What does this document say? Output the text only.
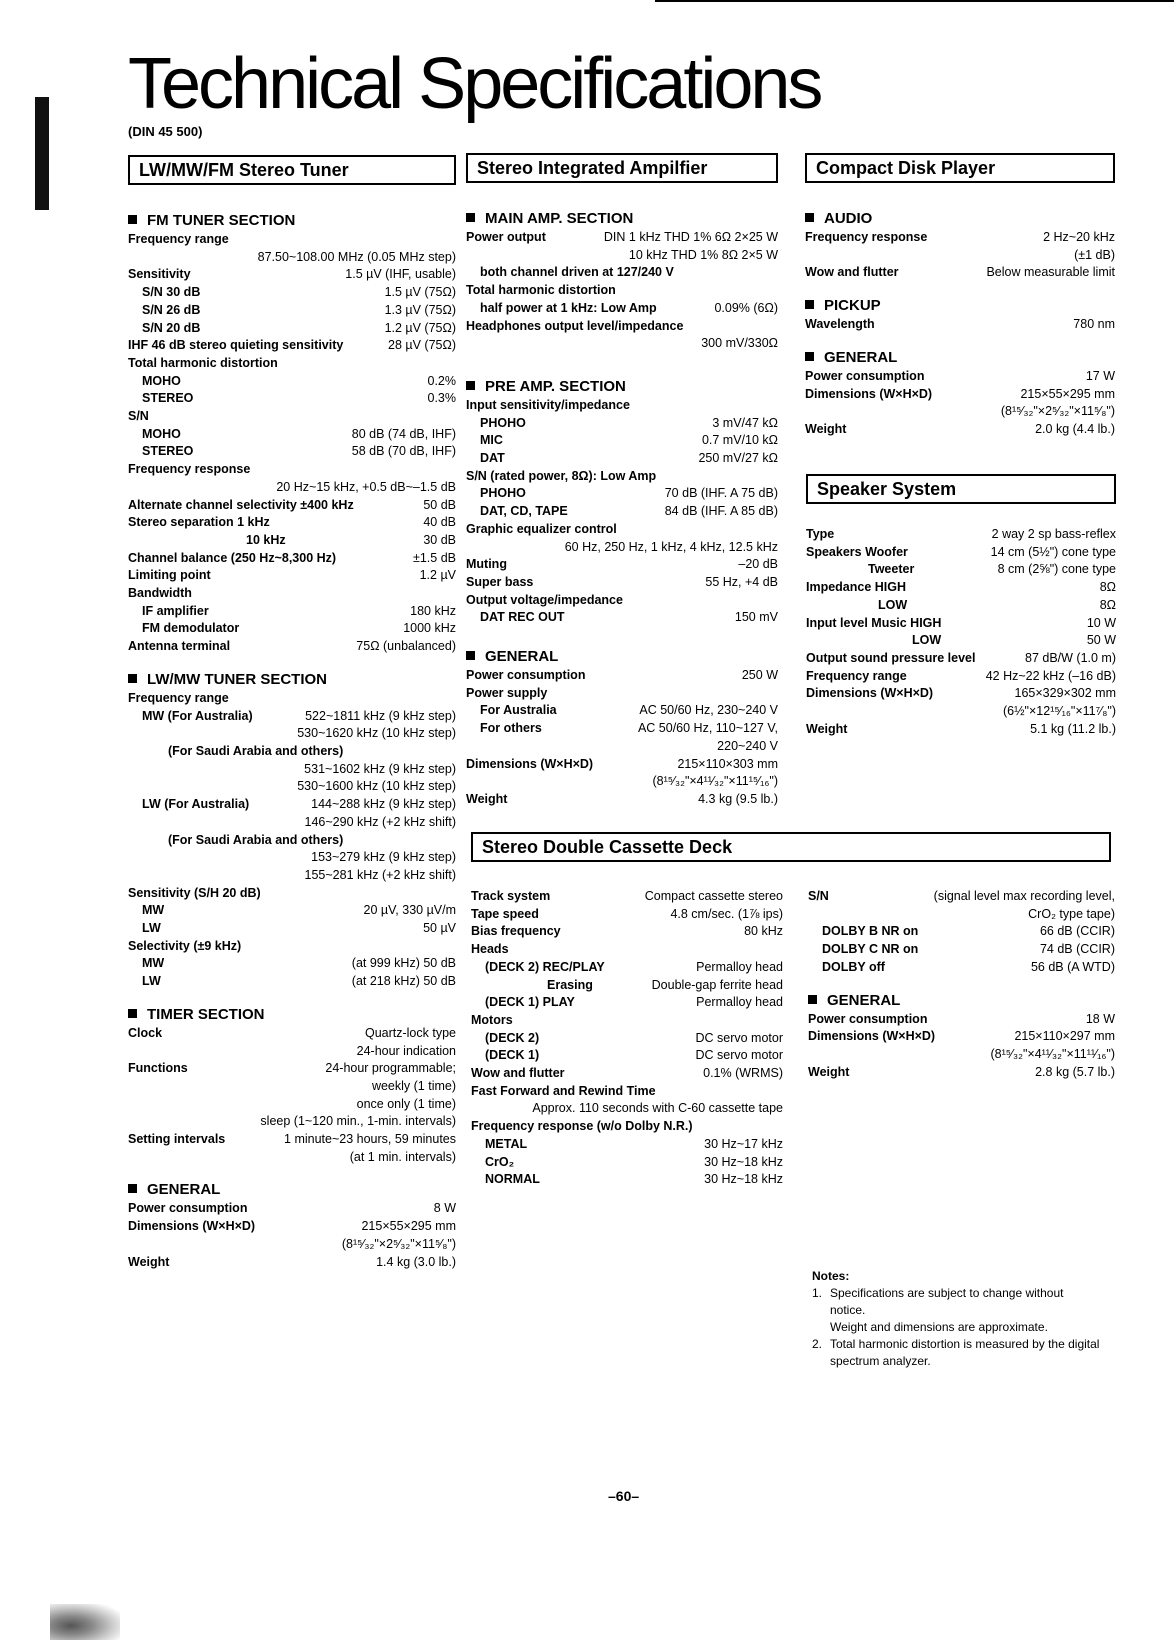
Technical Specifications
(DIN 45 500)
LW/MW/FM Stereo Tuner
FM TUNER SECTION
Frequency range
87.50~108.00 MHz (0.05 MHz step)
Sensitivity	1.5 µV (IHF, usable)
S/N 30 dB	1.5 µV (75Ω)
S/N 26 dB	1.3 µV (75Ω)
S/N 20 dB	1.2 µV (75Ω)
IHF 46 dB stereo quieting sensitivity	28 µV (75Ω)
Total harmonic distortion
MOHO	0.2%
STEREO	0.3%
S/N
MOHO	80 dB (74 dB, IHF)
STEREO	58 dB (70 dB, IHF)
Frequency response
20 Hz~15 kHz, +0.5 dB~–1.5 dB
Alternate channel selectivity ±400 kHz	50 dB
Stereo separation 1 kHz	40 dB
10 kHz	30 dB
Channel balance (250 Hz~8,300 Hz)	±1.5 dB
Limiting point	1.2 µV
Bandwidth
IF amplifier	180 kHz
FM demodulator	1000 kHz
Antenna terminal	75Ω (unbalanced)
LW/MW TUNER SECTION
Frequency range
MW (For Australia)	522~1811 kHz (9 kHz step)
530~1620 kHz (10 kHz step)
(For Saudi Arabia and others)
531~1602 kHz (9 kHz step)
530~1600 kHz (10 kHz step)
LW (For Australia)	144~288 kHz (9 kHz step)
146~290 kHz (+2 kHz shift)
(For Saudi Arabia and others)
153~279 kHz (9 kHz step)
155~281 kHz (+2 kHz shift)
Sensitivity (S/H 20 dB)
MW	20 µV, 330 µV/m
LW	50 µV
Selectivity (±9 kHz)
MW	(at 999 kHz) 50 dB
LW	(at 218 kHz) 50 dB
TIMER SECTION
Clock	Quartz-lock type
24-hour indication
Functions	24-hour programmable;
weekly (1 time)
once only (1 time)
sleep (1~120 min., 1-min. intervals)
Setting intervals	1 minute~23 hours, 59 minutes
(at 1 min. intervals)
GENERAL
Power consumption	8 W
Dimensions (W×H×D)	215×55×295 mm
(8¹⁵⁄₃₂"×2⁵⁄₃₂"×11⁵⁄₈")
Weight	1.4 kg (3.0 lb.)
Stereo Integrated Ampilfier
MAIN AMP. SECTION
Power output	DIN 1 kHz THD 1% 6Ω 2×25 W
10 kHz THD 1% 8Ω 2×5 W
both channel driven at 127/240 V
Total harmonic distortion
half power at 1 kHz: Low Amp	0.09% (6Ω)
Headphones output level/impedance
300 mV/330Ω
PRE AMP. SECTION
Input sensitivity/impedance
PHOHO	3 mV/47 kΩ
MIC	0.7 mV/10 kΩ
DAT	250 mV/27 kΩ
S/N (rated power, 8Ω): Low Amp
PHOHO	70 dB (IHF. A 75 dB)
DAT, CD, TAPE	84 dB (IHF. A 85 dB)
Graphic equalizer control
60 Hz, 250 Hz, 1 kHz, 4 kHz, 12.5 kHz
Muting	–20 dB
Super bass	55 Hz, +4 dB
Output voltage/impedance
DAT REC OUT	150 mV
GENERAL
Power consumption	250 W
Power supply
For Australia	AC 50/60 Hz, 230~240 V
For others	AC 50/60 Hz, 110~127 V,
220~240 V
Dimensions (W×H×D)	215×110×303 mm
(8¹⁵⁄₃₂"×4¹¹⁄₃₂"×11¹⁵⁄₁₆")
Weight	4.3 kg (9.5 lb.)
Compact Disk Player
AUDIO
Frequency response	2 Hz~20 kHz
(±1 dB)
Wow and flutter	Below measurable limit
PICKUP
Wavelength	780 nm
GENERAL
Power consumption	17 W
Dimensions (W×H×D)	215×55×295 mm
(8¹⁵⁄₃₂"×2⁵⁄₃₂"×11⁵⁄₈")
Weight	2.0 kg (4.4 lb.)
Speaker System
Type	2 way 2 sp bass-reflex
Speakers Woofer	14 cm (5½") cone type
Tweeter	8 cm (2⅝") cone type
Impedance HIGH	8Ω
LOW	8Ω
Input level Music HIGH	10 W
LOW	50 W
Output sound pressure level	87 dB/W (1.0 m)
Frequency range	42 Hz~22 kHz (–16 dB)
Dimensions (W×H×D)	165×329×302 mm
(6½"×12¹⁵⁄₁₆"×11⁷⁄₈")
Weight	5.1 kg (11.2 lb.)
Stereo Double Cassette Deck
Track system	Compact cassette stereo
Tape speed	4.8 cm/sec. (1⅞ ips)
Bias frequency	80 kHz
Heads
(DECK 2) REC/PLAY	Permalloy head
Erasing	Double-gap ferrite head
(DECK 1) PLAY	Permalloy head
Motors
(DECK 2)	DC servo motor
(DECK 1)	DC servo motor
Wow and flutter	0.1% (WRMS)
Fast Forward and Rewind Time
Approx. 110 seconds with C-60 cassette tape
Frequency response (w/o Dolby N.R.)
METAL	30 Hz~17 kHz
CrO₂	30 Hz~18 kHz
NORMAL	30 Hz~18 kHz
S/N	(signal level max recording level,
CrO₂ type tape)
DOLBY B NR on	66 dB (CCIR)
DOLBY C NR on	74 dB (CCIR)
DOLBY off	56 dB (A WTD)
GENERAL
Power consumption	18 W
Dimensions (W×H×D)	215×110×297 mm
(8¹⁵⁄₃₂"×4¹¹⁄₃₂"×11¹¹⁄₁₆")
Weight	2.8 kg (5.7 lb.)
Notes:
1. Specifications are subject to change without notice.
Weight and dimensions are approximate.
2. Total harmonic distortion is measured by the digital spectrum analyzer.
–60–
